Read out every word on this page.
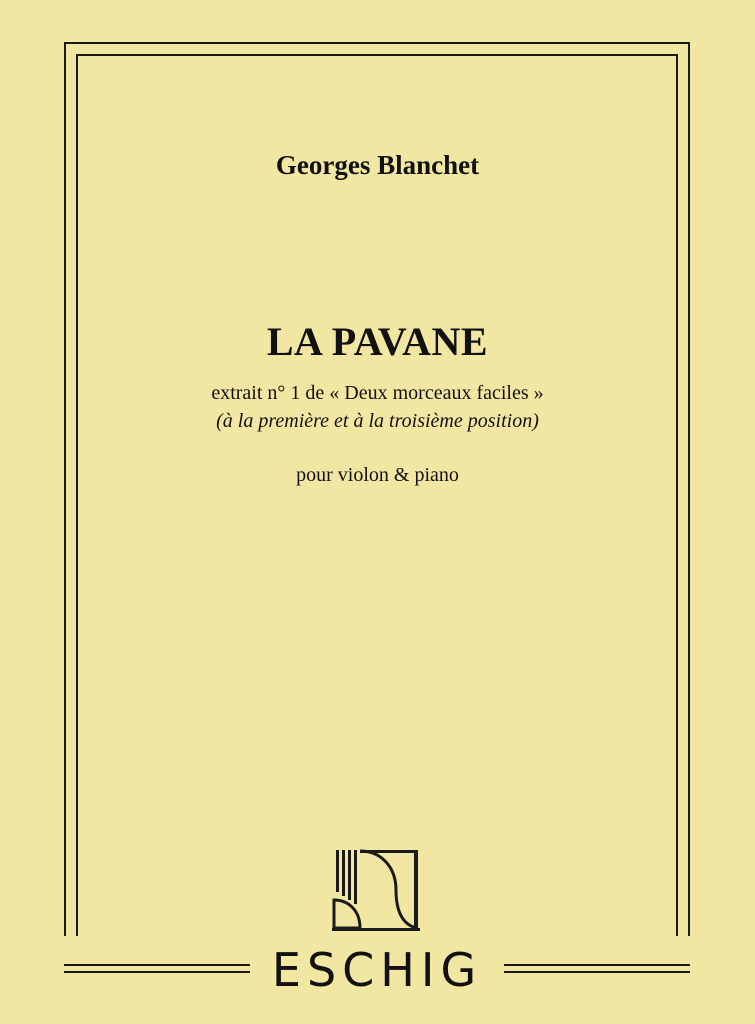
Georges Blanchet
LA PAVANE
extrait n° 1 de « Deux morceaux faciles »
(à la première et à la troisième position)
pour violon & piano
ESCHIG
